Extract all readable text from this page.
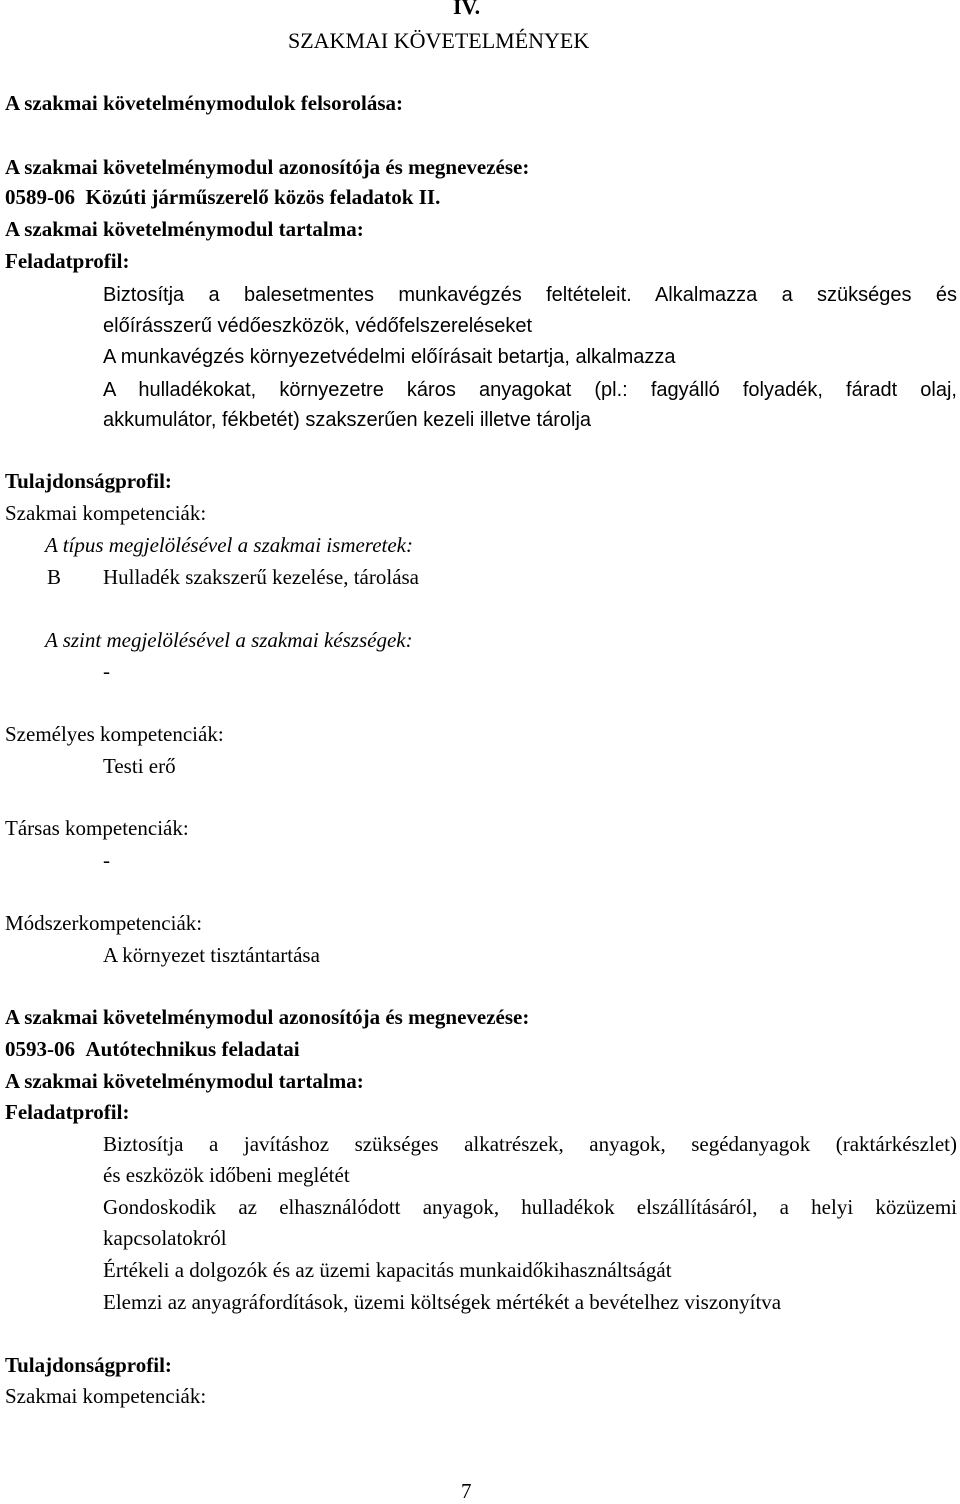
IV.
SZAKMAI KÖVETELMÉNYEK
A szakmai követelménymodulok felsorolása:
A szakmai követelménymodul azonosítója és megnevezése:
0589-06 Közúti járműszerelő közös feladatok II.
A szakmai követelménymodul tartalma:
Feladatprofil:
Biztosítja a balesetmentes munkavégzés feltételeit. Alkalmazza a szükséges és
előírásszerű védőeszközök, védőfelszereléseket
A munkavégzés környezetvédelmi előírásait betartja, alkalmazza
A hulladékokat, környezetre káros anyagokat (pl.: fagyálló folyadék, fáradt olaj,
akkumulátor, fékbetét) szakszerűen kezeli illetve tárolja
Tulajdonságprofil:
Szakmai kompetenciák:
A típus megjelölésével a szakmai ismeretek:
B Hulladék szakszerű kezelése, tárolása
A szint megjelölésével a szakmai készségek:
-
Személyes kompetenciák:
Testi erő
Társas kompetenciák:
-
Módszerkompetenciák:
A környezet tisztántartása
A szakmai követelménymodul azonosítója és megnevezése:
0593-06 Autótechnikus feladatai
A szakmai követelménymodul tartalma:
Feladatprofil:
Biztosítja a javításhoz szükséges alkatrészek, anyagok, segédanyagok (raktárkészlet)
és eszközök időbeni meglétét
Gondoskodik az elhasználódott anyagok, hulladékok elszállításáról, a helyi közüzemi
kapcsolatokról
Értékeli a dolgozók és az üzemi kapacitás munkaidőkihasználtságát
Elemzi az anyagráfordítások, üzemi költségek mértékét a bevételhez viszonyítva
Tulajdonságprofil:
Szakmai kompetenciák:
7
